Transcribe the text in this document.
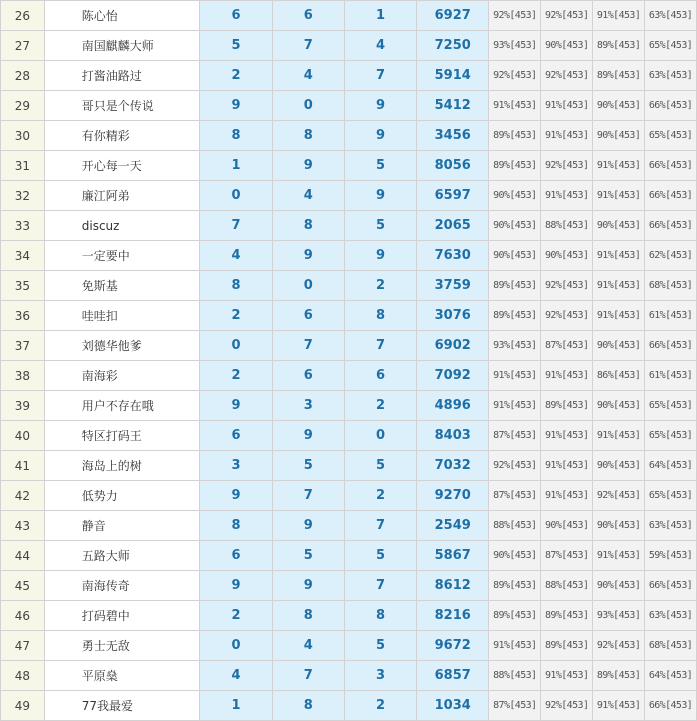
26	陈心怡	6	6	1	6927	92%[453]	92%[453]	91%[453]	63%[453]
27	南国麒麟大师	5	7	4	7250	93%[453]	90%[453]	89%[453]	65%[453]
28	打酱油路过	2	4	7	5914	92%[453]	92%[453]	89%[453]	63%[453]
29	哥只是个传说	9	0	9	5412	91%[453]	91%[453]	90%[453]	66%[453]
30	有你精彩	8	8	9	3456	89%[453]	91%[453]	90%[453]	65%[453]
31	开心每一天	1	9	5	8056	89%[453]	92%[453]	91%[453]	66%[453]
32	廉江阿弟	0	4	9	6597	90%[453]	91%[453]	91%[453]	66%[453]
33	discuz	7	8	5	2065	90%[453]	88%[453]	90%[453]	66%[453]
34	一定要中	4	9	9	7630	90%[453]	90%[453]	91%[453]	62%[453]
35	免斯基	8	0	2	3759	89%[453]	92%[453]	91%[453]	68%[453]
36	哇哇扣	2	6	8	3076	89%[453]	92%[453]	91%[453]	61%[453]
37	刘德华他爹	0	7	7	6902	93%[453]	87%[453]	90%[453]	66%[453]
38	南海彩	2	6	6	7092	91%[453]	91%[453]	86%[453]	61%[453]
39	用户不存在哦	9	3	2	4896	91%[453]	89%[453]	90%[453]	65%[453]
40	特区打码王	6	9	0	8403	87%[453]	91%[453]	91%[453]	65%[453]
41	海岛上的树	3	5	5	7032	92%[453]	91%[453]	90%[453]	64%[453]
42	低势力	9	7	2	9270	87%[453]	91%[453]	92%[453]	65%[453]
43	静音	8	9	7	2549	88%[453]	90%[453]	90%[453]	63%[453]
44	五路大师	6	5	5	5867	90%[453]	87%[453]	91%[453]	59%[453]
45	南海传奇	9	9	7	8612	89%[453]	88%[453]	90%[453]	66%[453]
46	打码碧中	2	8	8	8216	89%[453]	89%[453]	93%[453]	63%[453]
47	勇士无敌	0	4	5	9672	91%[453]	89%[453]	92%[453]	68%[453]
48	平原燊	4	7	3	6857	88%[453]	91%[453]	89%[453]	64%[453]
49	77我最爱	1	8	2	1034	87%[453]	92%[453]	91%[453]	66%[453]
